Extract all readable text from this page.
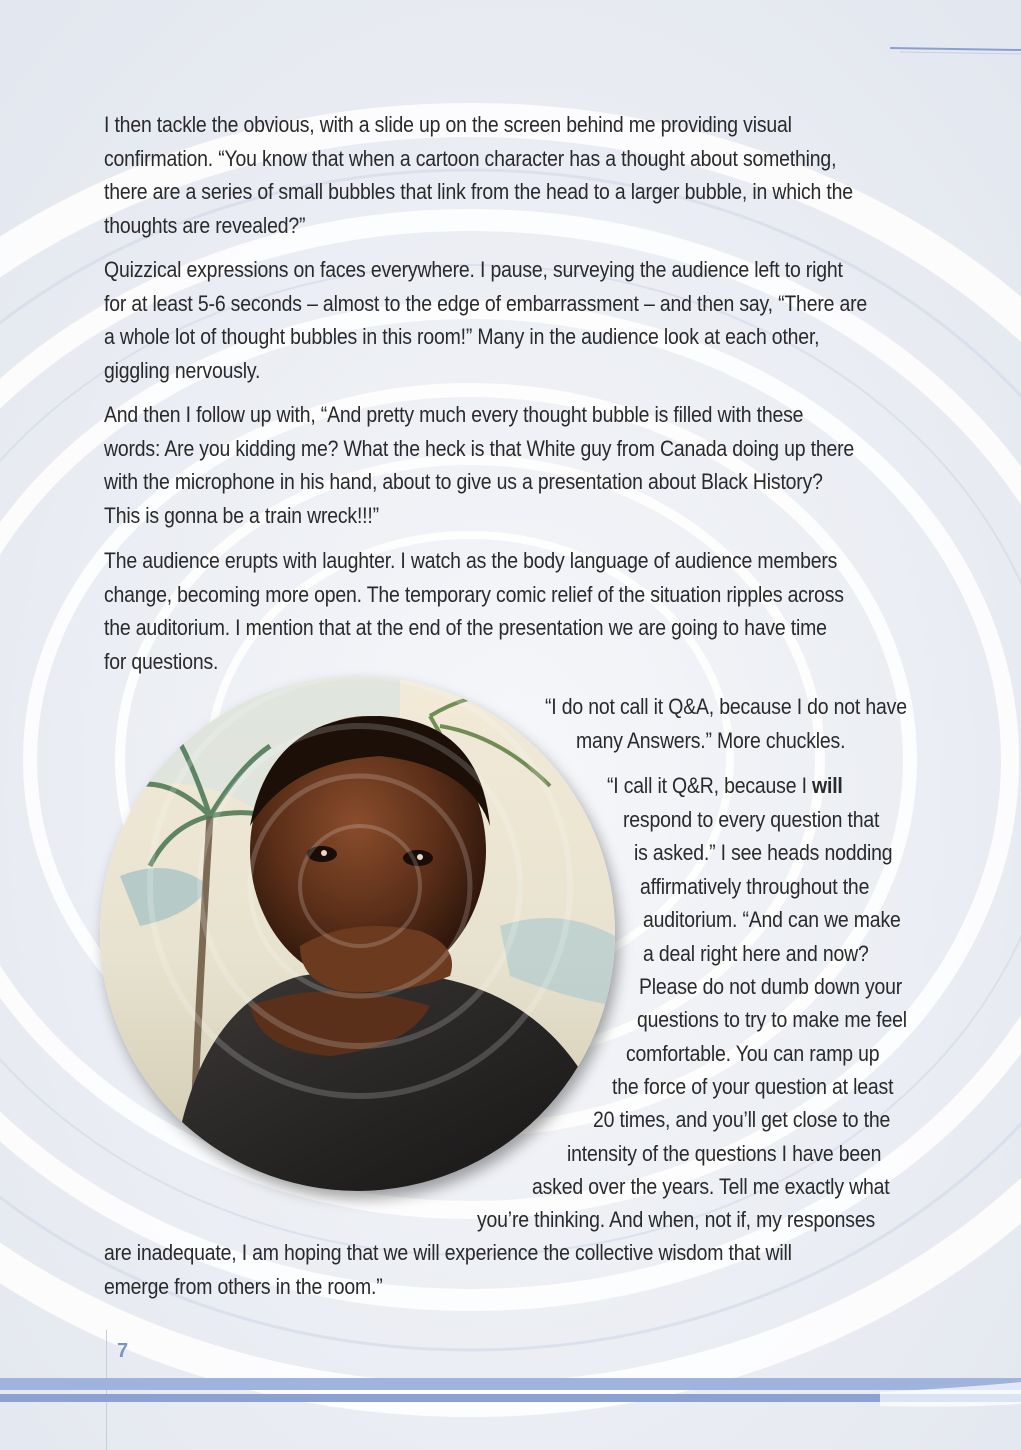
I then tackle the obvious, with a slide up on the screen behind me providing visual
confirmation. “You know that when a cartoon character has a thought about something,
there are a series of small bubbles that link from the head to a larger bubble, in which the
thoughts are revealed?”
Quizzical expressions on faces everywhere. I pause, surveying the audience left to right
for at least 5-6 seconds – almost to the edge of embarrassment – and then say, “There are
a whole lot of thought bubbles in this room!” Many in the audience look at each other,
giggling nervously.
And then I follow up with, “And pretty much every thought bubble is filled with these
words: Are you kidding me? What the heck is that White guy from Canada doing up there
with the microphone in his hand, about to give us a presentation about Black History?
This is gonna be a train wreck!!!”
The audience erupts with laughter. I watch as the body language of audience members
change, becoming more open. The temporary comic relief of the situation ripples across
the auditorium. I mention that at the end of the presentation we are going to have time
for questions.
“I do not call it Q&A, because I do not have
many Answers.” More chuckles.
“I call it Q&R, because I will
respond to every question that
is asked.” I see heads nodding
affirmatively throughout the
auditorium. “And can we make
a deal right here and now?
Please do not dumb down your
questions to try to make me feel
comfortable. You can ramp up
the force of your question at least
20 times, and you’ll get close to the
intensity of the questions I have been
asked over the years. Tell me exactly what
you’re thinking. And when, not if, my responses
are inadequate, I am hoping that we will experience the collective wisdom that will
emerge from others in the room.”
7
